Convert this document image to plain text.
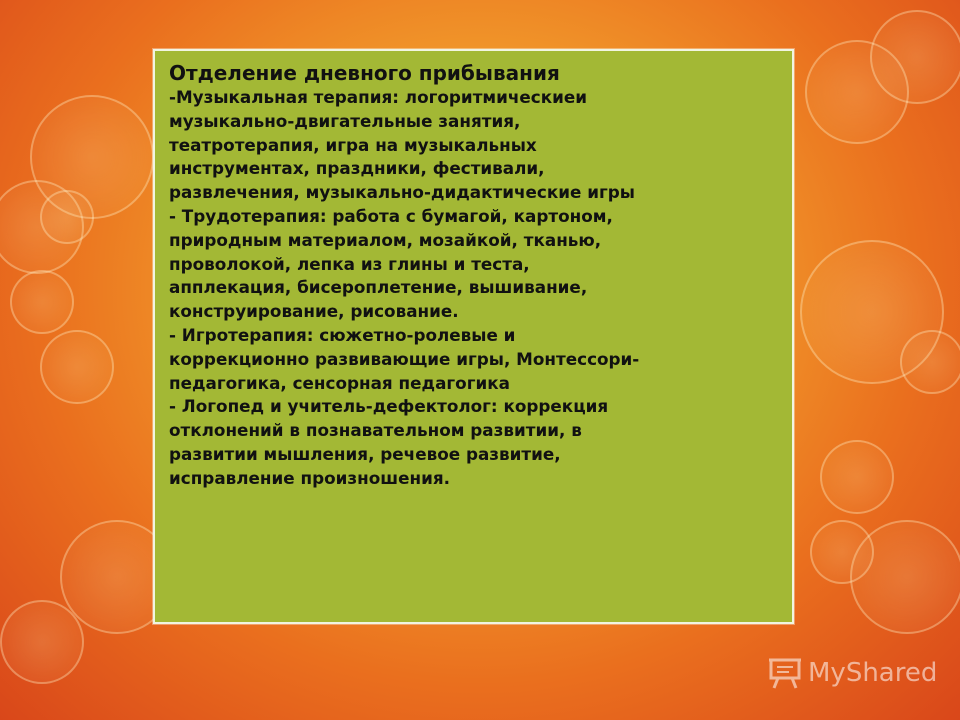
Отделение дневного прибывания
-Музыкальная терапия: логоритмическиеи
музыкально-двигательные занятия,
театротерапия, игра на музыкальных
инструментах, праздники, фестивали,
развлечения, музыкально-дидактические игры
- Трудотерапия: работа с бумагой, картоном,
природным материалом, мозайкой, тканью,
проволокой, лепка из глины и теста,
апплекация, бисероплетение, вышивание,
конструирование, рисование.
- Игротерапия: сюжетно-ролевые и
коррекционно развивающие игры, Монтессори-
педагогика, сенсорная педагогика
- Логопед и учитель-дефектолог: коррекция
отклонений в познавательном развитии, в
развитии мышления, речевое развитие,
исправление произношения.
MyShared
